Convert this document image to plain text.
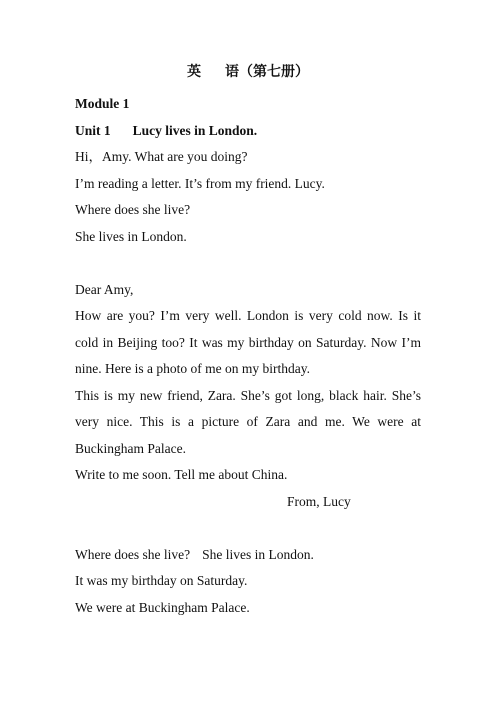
英 语（第七册）

Module 1

Unit 1 Lucy lives in London.

Hi，Amy. What are you doing?

I’m reading a letter. It’s from my friend. Lucy.

Where does she live?

She lives in London.

Dear Amy,

How are you? I’m very well. London is very cold now. Is it cold in Beijing too? It was my birthday on Saturday. Now I’m nine. Here is a photo of me on my birthday.

This is my new friend, Zara. She’s got long, black hair. She’s very nice. This is a picture of Zara and me. We were at Buckingham Palace.

Write to me soon. Tell me about China.

From, Lucy

Where does she live? She lives in London.

It was my birthday on Saturday.

We were at Buckingham Palace.
